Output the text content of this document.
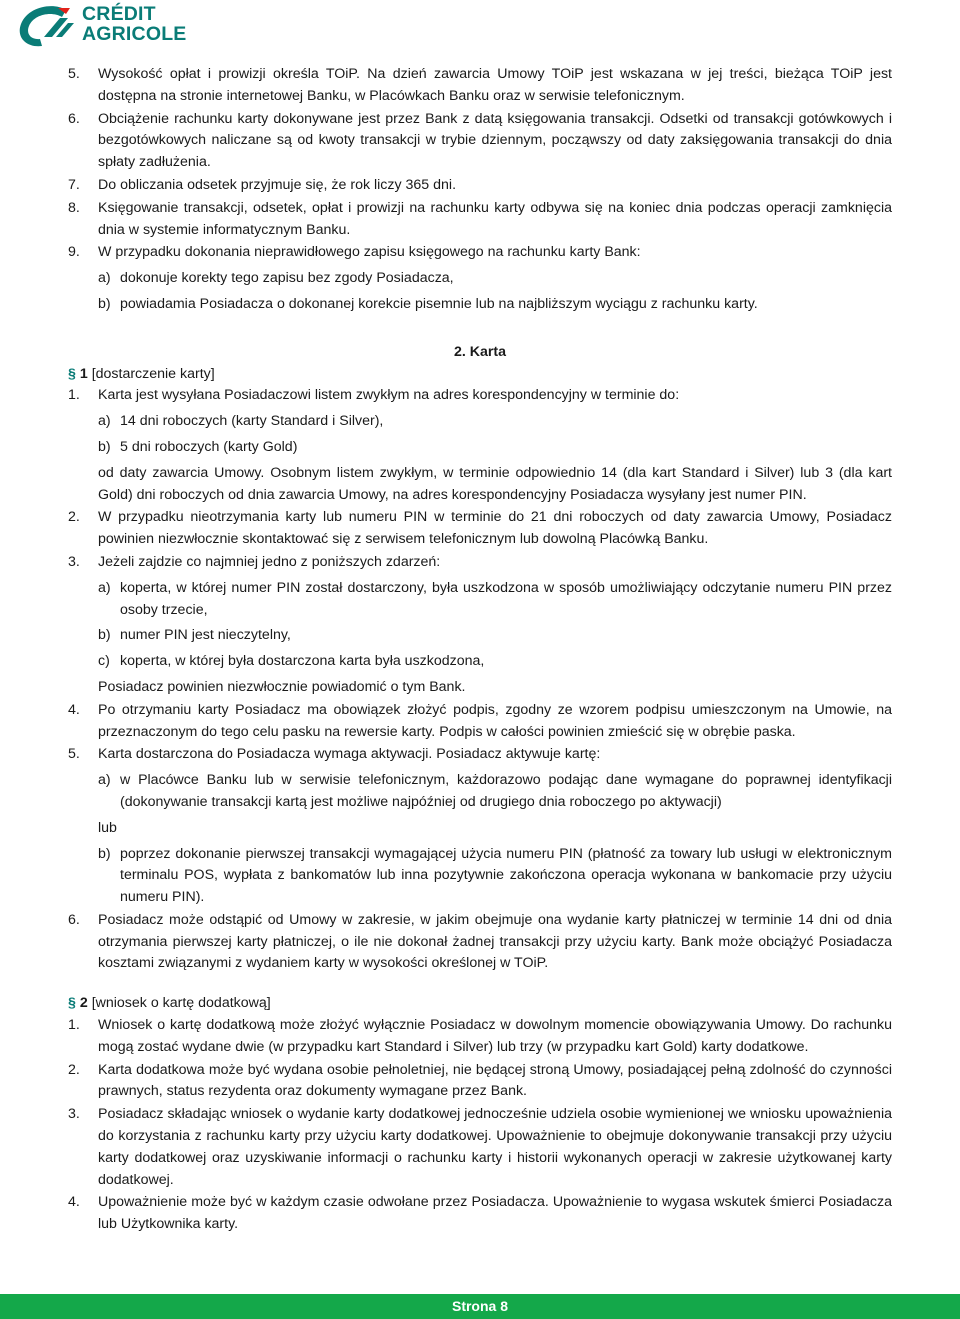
CRÉDIT
AGRICOLE
5. Wysokość opłat i prowizji określa TOiP. Na dzień zawarcia Umowy TOiP jest wskazana w jej treści, bieżąca TOiP jest dostępna na stronie internetowej Banku, w Placówkach Banku oraz w serwisie telefonicznym.
6. Obciążenie rachunku karty dokonywane jest przez Bank z datą księgowania transakcji. Odsetki od transakcji gotówkowych i bezgotówkowych naliczane są od kwoty transakcji w trybie dziennym, począwszy od daty zaksięgowania transakcji do dnia spłaty zadłużenia.
7. Do obliczania odsetek przyjmuje się, że rok liczy 365 dni.
8. Księgowanie transakcji, odsetek, opłat i prowizji na rachunku karty odbywa się na koniec dnia podczas operacji zamknięcia dnia w systemie informatycznym Banku.
9. W przypadku dokonania nieprawidłowego zapisu księgowego na rachunku karty Bank:
a) dokonuje korekty tego zapisu bez zgody Posiadacza,
b) powiadamia Posiadacza o dokonanej korekcie pisemnie lub na najbliższym wyciągu z rachunku karty.
2. Karta
§ 1 [dostarczenie karty]
1. Karta jest wysyłana Posiadaczowi listem zwykłym na adres korespondencyjny w terminie do:
a) 14 dni roboczych (karty Standard i Silver),
b) 5 dni roboczych (karty Gold)
od daty zawarcia Umowy. Osobnym listem zwykłym, w terminie odpowiednio 14 (dla kart Standard i Silver) lub 3 (dla kart Gold) dni roboczych od dnia zawarcia Umowy, na adres korespondencyjny Posiadacza wysyłany jest numer PIN.
2. W przypadku nieotrzymania karty lub numeru PIN w terminie do 21 dni roboczych od daty zawarcia Umowy, Posiadacz powinien niezwłocznie skontaktować się z serwisem telefonicznym lub dowolną Placówką Banku.
3. Jeżeli zajdzie co najmniej jedno z poniższych zdarzeń:
a) koperta, w której numer PIN został dostarczony, była uszkodzona w sposób umożliwiający odczytanie numeru PIN przez osoby trzecie,
b) numer PIN jest nieczytelny,
c) koperta, w której była dostarczona karta była uszkodzona,
Posiadacz powinien niezwłocznie powiadomić o tym Bank.
4. Po otrzymaniu karty Posiadacz ma obowiązek złożyć podpis, zgodny ze wzorem podpisu umieszczonym na Umowie, na przeznaczonym do tego celu pasku na rewersie karty. Podpis w całości powinien zmieścić się w obrębie paska.
5. Karta dostarczona do Posiadacza wymaga aktywacji. Posiadacz aktywuje kartę:
a) w Placówce Banku lub w serwisie telefonicznym, każdorazowo podając dane wymagane do poprawnej identyfikacji (dokonywanie transakcji kartą jest możliwe najpóźniej od drugiego dnia roboczego po aktywacji)
lub
b) poprzez dokonanie pierwszej transakcji wymagającej użycia numeru PIN (płatność za towary lub usługi w elektronicznym terminalu POS, wypłata z bankomatów lub inna pozytywnie zakończona operacja wykonana w bankomacie przy użyciu numeru PIN).
6. Posiadacz może odstąpić od Umowy w zakresie, w jakim obejmuje ona wydanie karty płatniczej w terminie 14 dni od dnia otrzymania pierwszej karty płatniczej, o ile nie dokonał żadnej transakcji przy użyciu karty. Bank może obciążyć Posiadacza kosztami związanymi z wydaniem karty w wysokości określonej w TOiP.
§ 2 [wniosek o kartę dodatkową]
1. Wniosek o kartę dodatkową może złożyć wyłącznie Posiadacz w dowolnym momencie obowiązywania Umowy. Do rachunku mogą zostać wydane dwie (w przypadku kart Standard i Silver) lub trzy (w przypadku kart Gold) karty dodatkowe.
2. Karta dodatkowa może być wydana osobie pełnoletniej, nie będącej stroną Umowy, posiadającej pełną zdolność do czynności prawnych, status rezydenta oraz dokumenty wymagane przez Bank.
3. Posiadacz składając wniosek o wydanie karty dodatkowej jednocześnie udziela osobie wymienionej we wniosku upoważnienia do korzystania z rachunku karty przy użyciu karty dodatkowej. Upoważnienie to obejmuje dokonywanie transakcji przy użyciu karty dodatkowej oraz uzyskiwanie informacji o rachunku karty i historii wykonanych operacji w zakresie użytkowanej karty dodatkowej.
4. Upoważnienie może być w każdym czasie odwołane przez Posiadacza. Upoważnienie to wygasa wskutek śmierci Posiadacza lub Użytkownika karty.
Strona 8
